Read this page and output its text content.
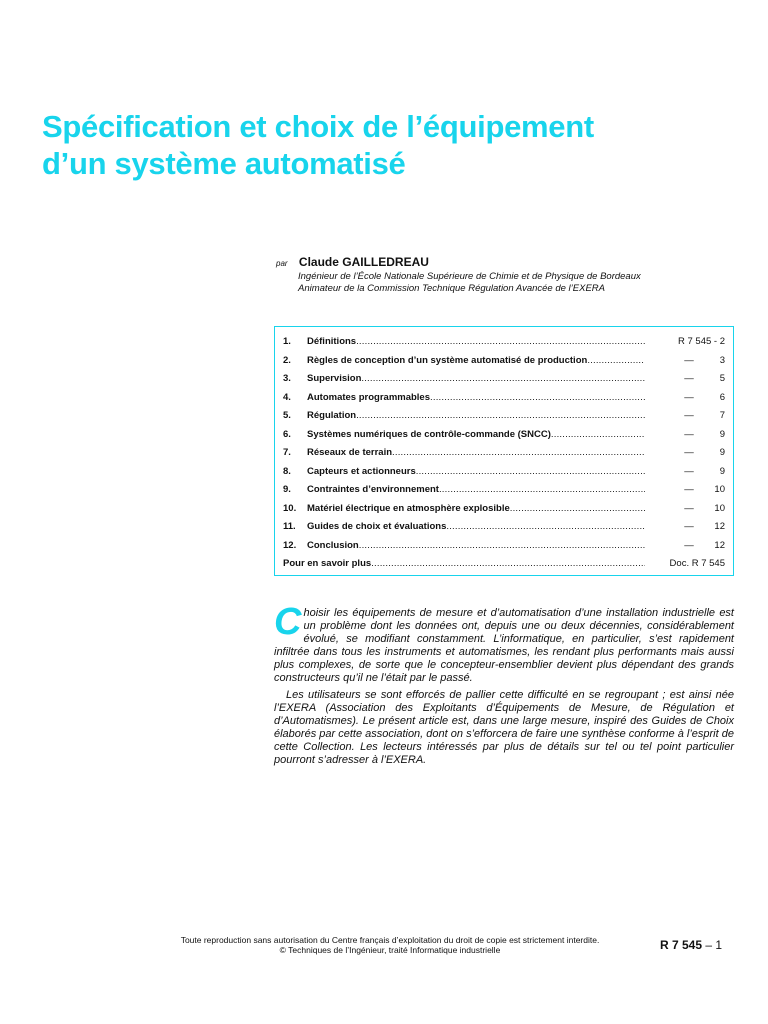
Spécification et choix de l’équipement
d’un système automatisé
par Claude GAILLEDREAU
Ingénieur de l’École Nationale Supérieure de Chimie et de Physique de Bordeaux
Animateur de la Commission Technique Régulation Avancée de l’EXERA
1.	Définitions .....	R 7 545 - 2
2.	Règles de conception d’un système automatisé de production .....	—	3
3.	Supervision .....	—	5
4.	Automates programmables .....	—	6
5.	Régulation .....	—	7
6.	Systèmes numériques de contrôle-commande (SNCC) .....	—	9
7.	Réseaux de terrain .....	—	9
8.	Capteurs et actionneurs .....	—	9
9.	Contraintes d’environnement .....	—	10
10.	Matériel électrique en atmosphère explosible .....	—	10
11.	Guides de choix et évaluations .....	—	12
12.	Conclusion .....	—	12
Pour en savoir plus .....	Doc. R 7 545

Choisir les équipements de mesure et d’automatisation d’une installation industrielle est un problème dont les données ont, depuis une ou deux décennies, considérablement évolué, se modifiant constamment. L’informatique, en particulier, s’est rapidement infiltrée dans tous les instruments et automatismes, les rendant plus performants mais aussi plus complexes, de sorte que le concepteur-ensemblier devient plus dépendant des grands constructeurs qu’il ne l’était par le passé.

Les utilisateurs se sont efforcés de pallier cette difficulté en se regroupant ; est ainsi née l’EXERA (Association des Exploitants d’Équipements de Mesure, de Régulation et d’Automatismes). Le présent article est, dans une large mesure, inspiré des Guides de Choix élaborés par cette association, dont on s’efforcera de faire une synthèse conforme à l’esprit de cette Collection. Les lecteurs intéressés par plus de détails sur tel ou tel point particulier pourront s’adresser à l’EXERA.

Toute reproduction sans autorisation du Centre français d’exploitation du droit de copie est strictement interdite.
© Techniques de l’Ingénieur, traité Informatique industrielle	R 7 545 – 1
